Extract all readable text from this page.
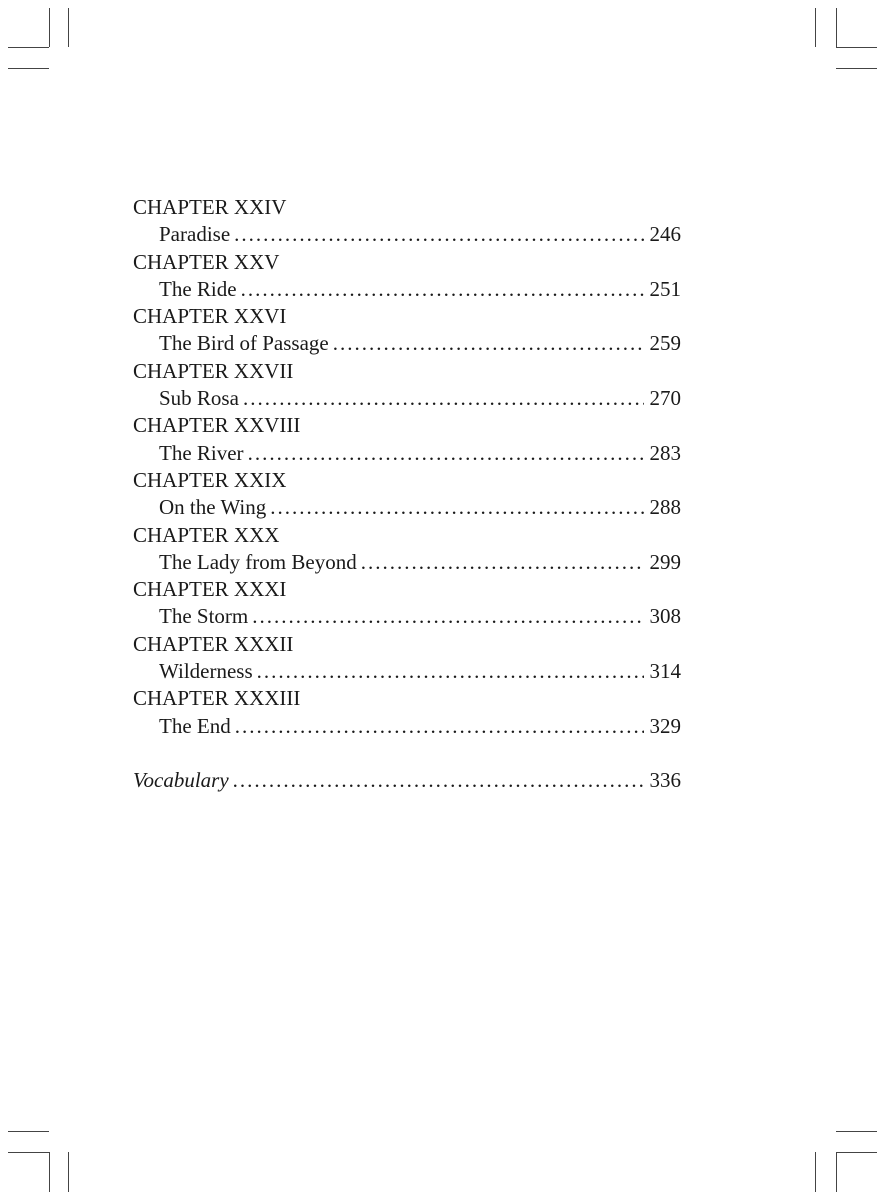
CHAPTER XXIV
Paradise .....	246
CHAPTER XXV
The Ride .....	251
CHAPTER XXVI
The Bird of Passage .....	259
CHAPTER XXVII
Sub Rosa .....	270
CHAPTER XXVIII
The River .....	283
CHAPTER XXIX
On the Wing .....	288
CHAPTER XXX
The Lady from Beyond .....	299
CHAPTER XXXI
The Storm .....	308
CHAPTER XXXII
Wilderness .....	314
CHAPTER XXXIII
The End .....	329
Vocabulary .....	336
